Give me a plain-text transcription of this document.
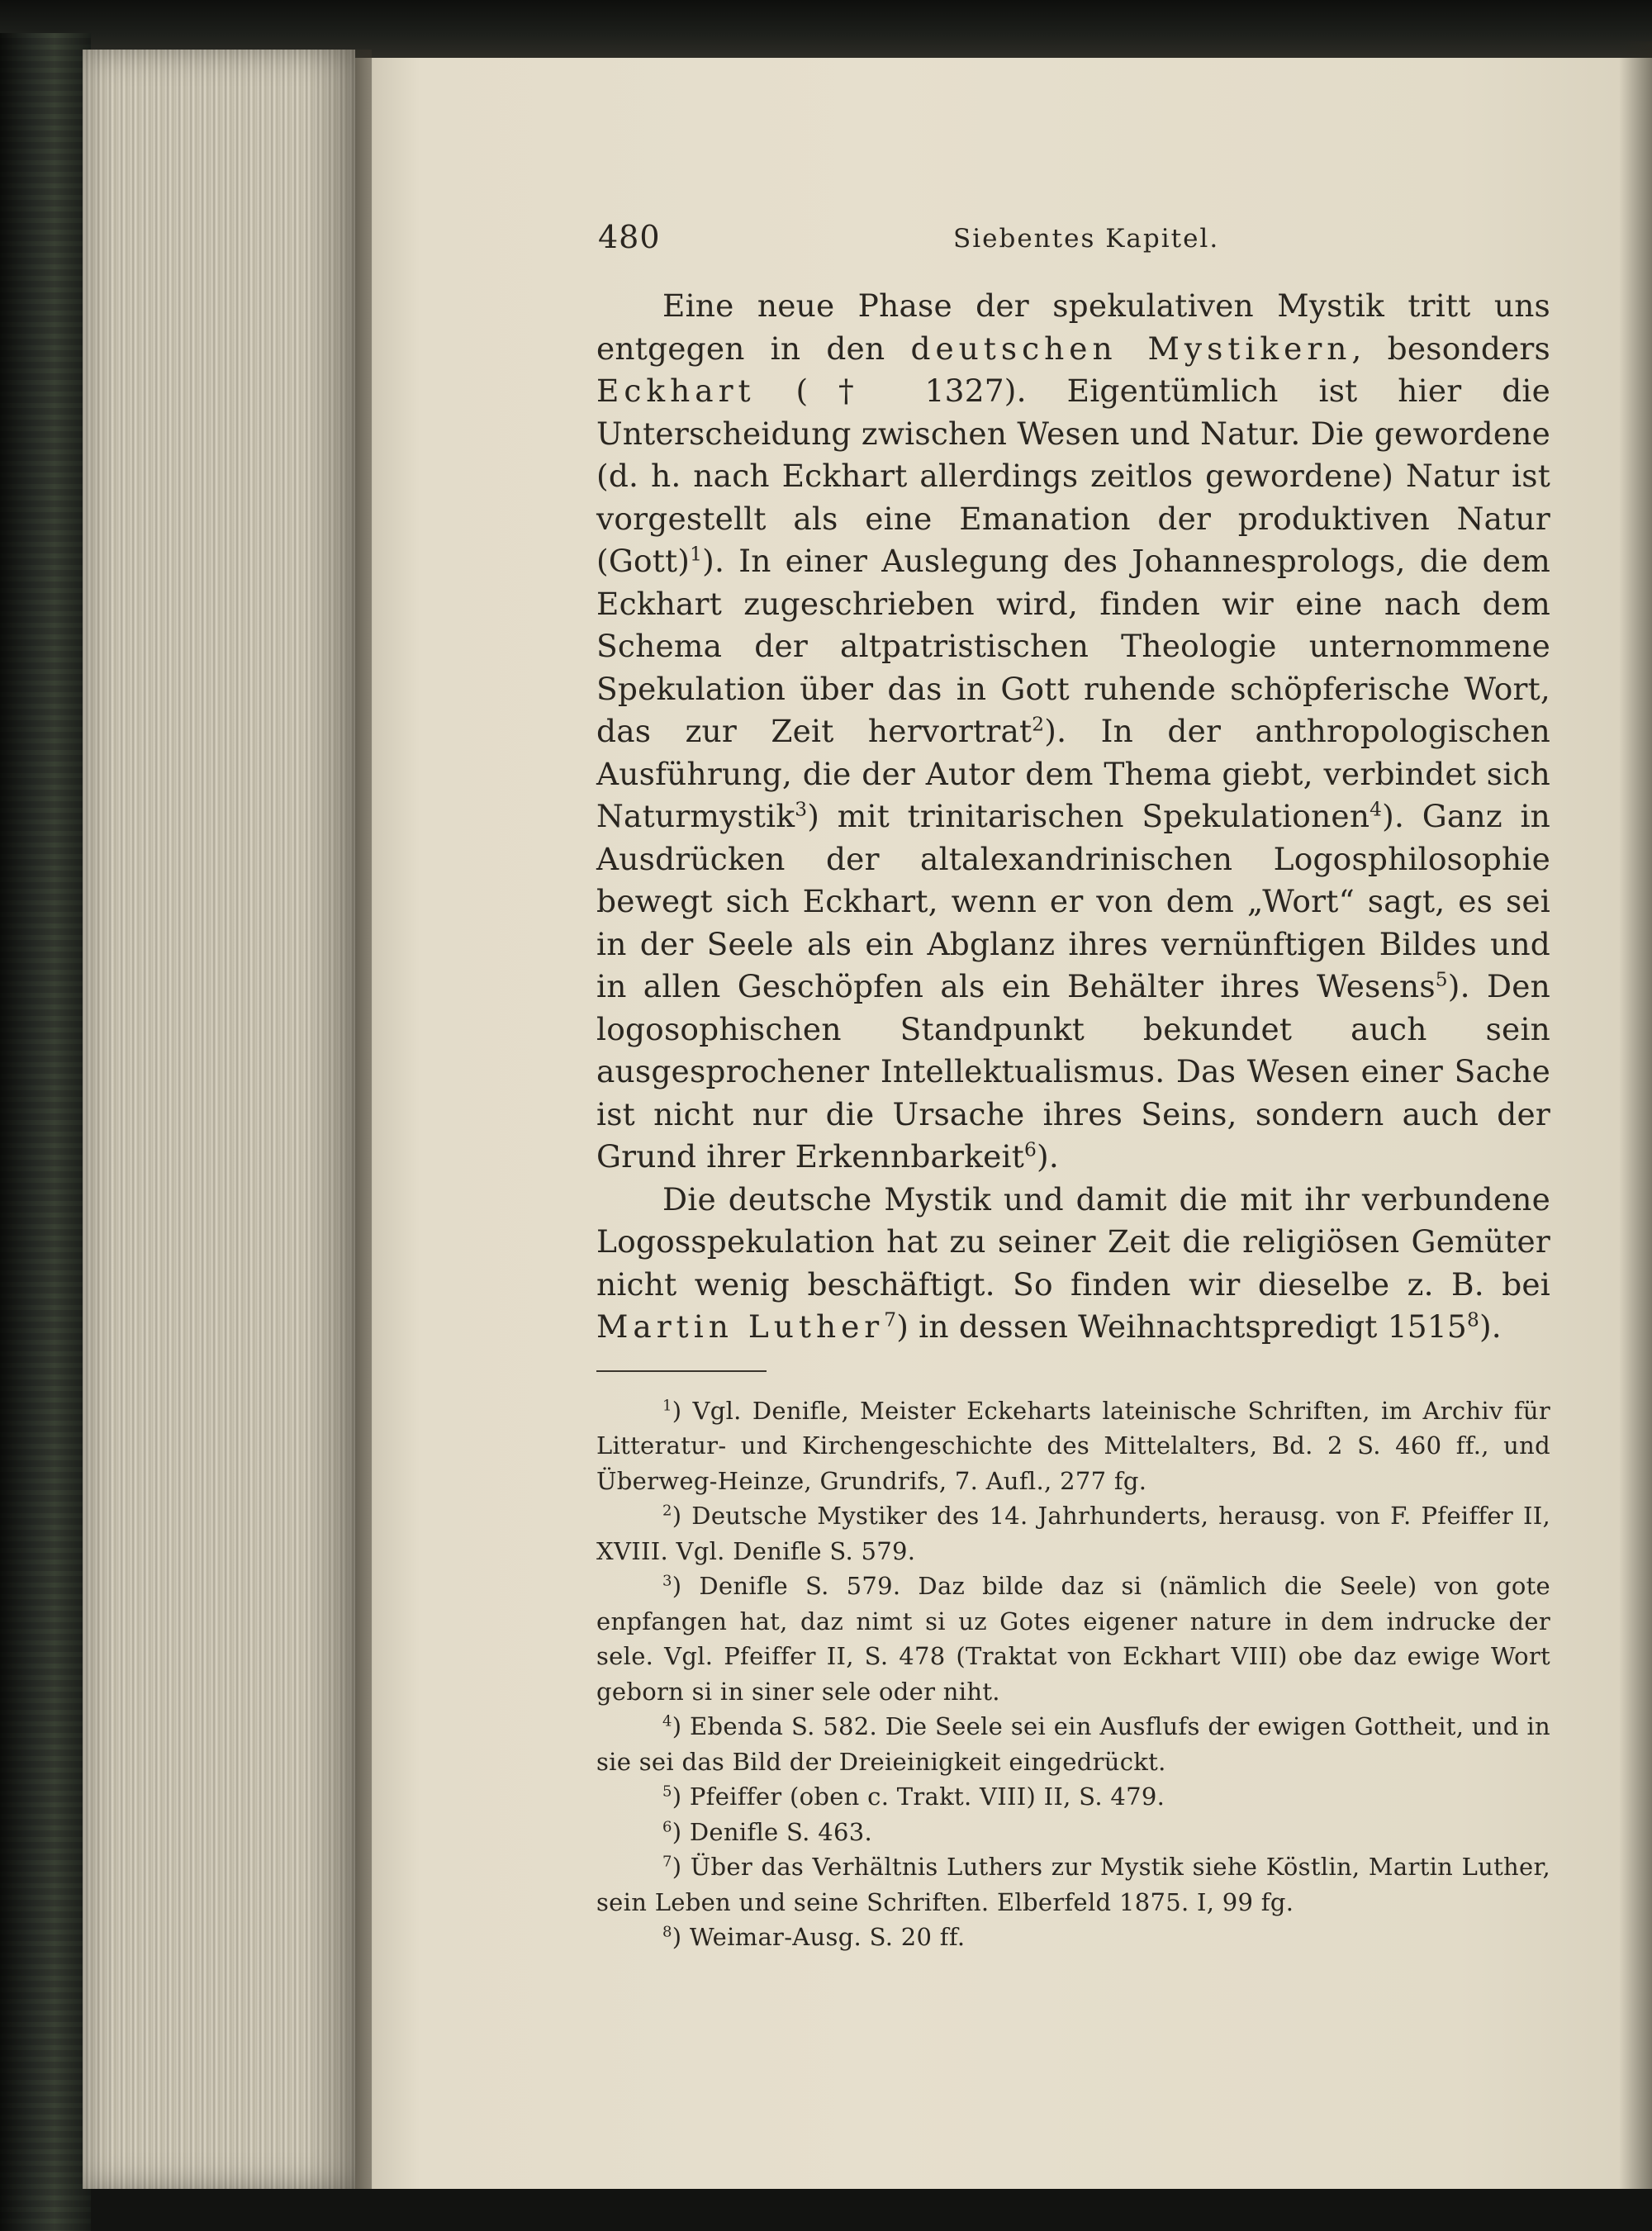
480	Siebentes Kapitel.

Eine neue Phase der spekulativen Mystik tritt uns entgegen in den deutschen Mystikern, besonders Eckhart († 1327). Eigentümlich ist hier die Unterscheidung zwischen Wesen und Natur. Die gewordene (d. h. nach Eckhart allerdings zeitlos gewordene) Natur ist vorgestellt als eine Emanation der produktiven Natur (Gott)$^1$). In einer Auslegung des Johannesprologs, die dem Eckhart zugeschrieben wird, finden wir eine nach dem Schema der altpatristischen Theologie unternommene Spekulation über das in Gott ruhende schöpferische Wort, das zur Zeit hervortrat$^2$). In der anthropologischen Ausführung, die der Autor dem Thema giebt, verbindet sich Naturmystik$^3$) mit trinitarischen Spekulationen$^4$). Ganz in Ausdrücken der altalexandrinischen Logosphilosophie bewegt sich Eckhart, wenn er von dem „Wort“ sagt, es sei in der Seele als ein Abglanz ihres vernünftigen Bildes und in allen Geschöpfen als ein Behälter ihres Wesens$^5$). Den logosophischen Standpunkt bekundet auch sein ausgesprochener Intellektualismus. Das Wesen einer Sache ist nicht nur die Ursache ihres Seins, sondern auch der Grund ihrer Erkennbarkeit$^6$).

Die deutsche Mystik und damit die mit ihr verbundene Logosspekulation hat zu seiner Zeit die religiösen Gemüter nicht wenig beschäftigt. So finden wir dieselbe z. B. bei Martin Luther$^7$) in dessen Weihnachtspredigt 1515$^8$).

$^1$) Vgl. Denifle, Meister Eckeharts lateinische Schriften, im Archiv für Litteratur- und Kirchengeschichte des Mittelalters, Bd. 2 S. 460 ff., und Überweg-Heinze, Grundrifs, 7. Aufl., 277 fg.

$^2$) Deutsche Mystiker des 14. Jahrhunderts, herausg. von F. Pfeiffer II, XVIII. Vgl. Denifle S. 579.

$^3$) Denifle S. 579. Daz bilde daz si (nämlich die Seele) von gote enpfangen hat, daz nimt si uz Gotes eigener nature in dem indrucke der sele. Vgl. Pfeiffer II, S. 478 (Traktat von Eckhart VIII) obe daz ewige Wort geborn si in siner sele oder niht.

$^4$) Ebenda S. 582. Die Seele sei ein Ausflufs der ewigen Gottheit, und in sie sei das Bild der Dreieinigkeit eingedrückt.

$^5$) Pfeiffer (oben c. Trakt. VIII) II, S. 479.

$^6$) Denifle S. 463.

$^7$) Über das Verhältnis Luthers zur Mystik siehe Köstlin, Martin Luther, sein Leben und seine Schriften. Elberfeld 1875. I, 99 fg.

$^8$) Weimar-Ausg. S. 20 ff.
